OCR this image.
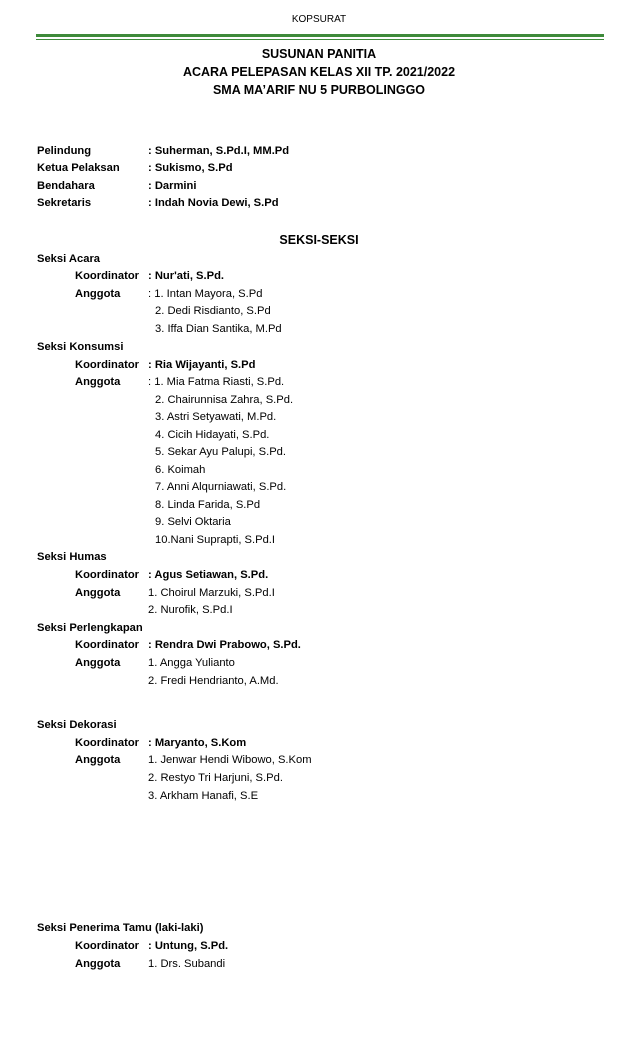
KOPSURAT
SUSUNAN PANITIA
ACARA PELEPASAN KELAS XII TP. 2021/2022
SMA MA’ARIF NU 5 PURBOLINGGO
Pelindung	: Suherman, S.Pd.I, MM.Pd
Ketua Pelaksan	: Sukismo, S.Pd
Bendahara	: Darmini
Sekretaris	: Indah Novia Dewi, S.Pd
SEKSI-SEKSI
Seksi Acara
Koordinator : Nur'ati, S.Pd.
Anggota : 1. Intan Mayora, S.Pd
2. Dedi Risdianto, S.Pd
3. Iffa Dian Santika, M.Pd
Seksi Konsumsi
Koordinator : Ria Wijayanti, S.Pd
Anggota : 1. Mia Fatma Riasti, S.Pd.
2. Chairunnisa Zahra, S.Pd.
3. Astri Setyawati, M.Pd.
4. Cicih Hidayati, S.Pd.
5. Sekar Ayu Palupi, S.Pd.
6. Koimah
7. Anni Alqurniawati, S.Pd.
8. Linda Farida, S.Pd
9. Selvi Oktaria
10.Nani Suprapti, S.Pd.I
Seksi Humas
Koordinator : Agus Setiawan, S.Pd.
Anggota 1. Choirul Marzuki, S.Pd.I
2. Nurofik, S.Pd.I
Seksi Perlengkapan
Koordinator : Rendra Dwi Prabowo, S.Pd.
Anggota 1. Angga Yulianto
2. Fredi Hendrianto, A.Md.
Seksi Dekorasi
Koordinator : Maryanto, S.Kom
Anggota 1. Jenwar Hendi Wibowo, S.Kom
2. Restyo Tri Harjuni, S.Pd.
3. Arkham Hanafi, S.E
Seksi Penerima Tamu (laki-laki)
Koordinator : Untung, S.Pd.
Anggota 1. Drs. Subandi
